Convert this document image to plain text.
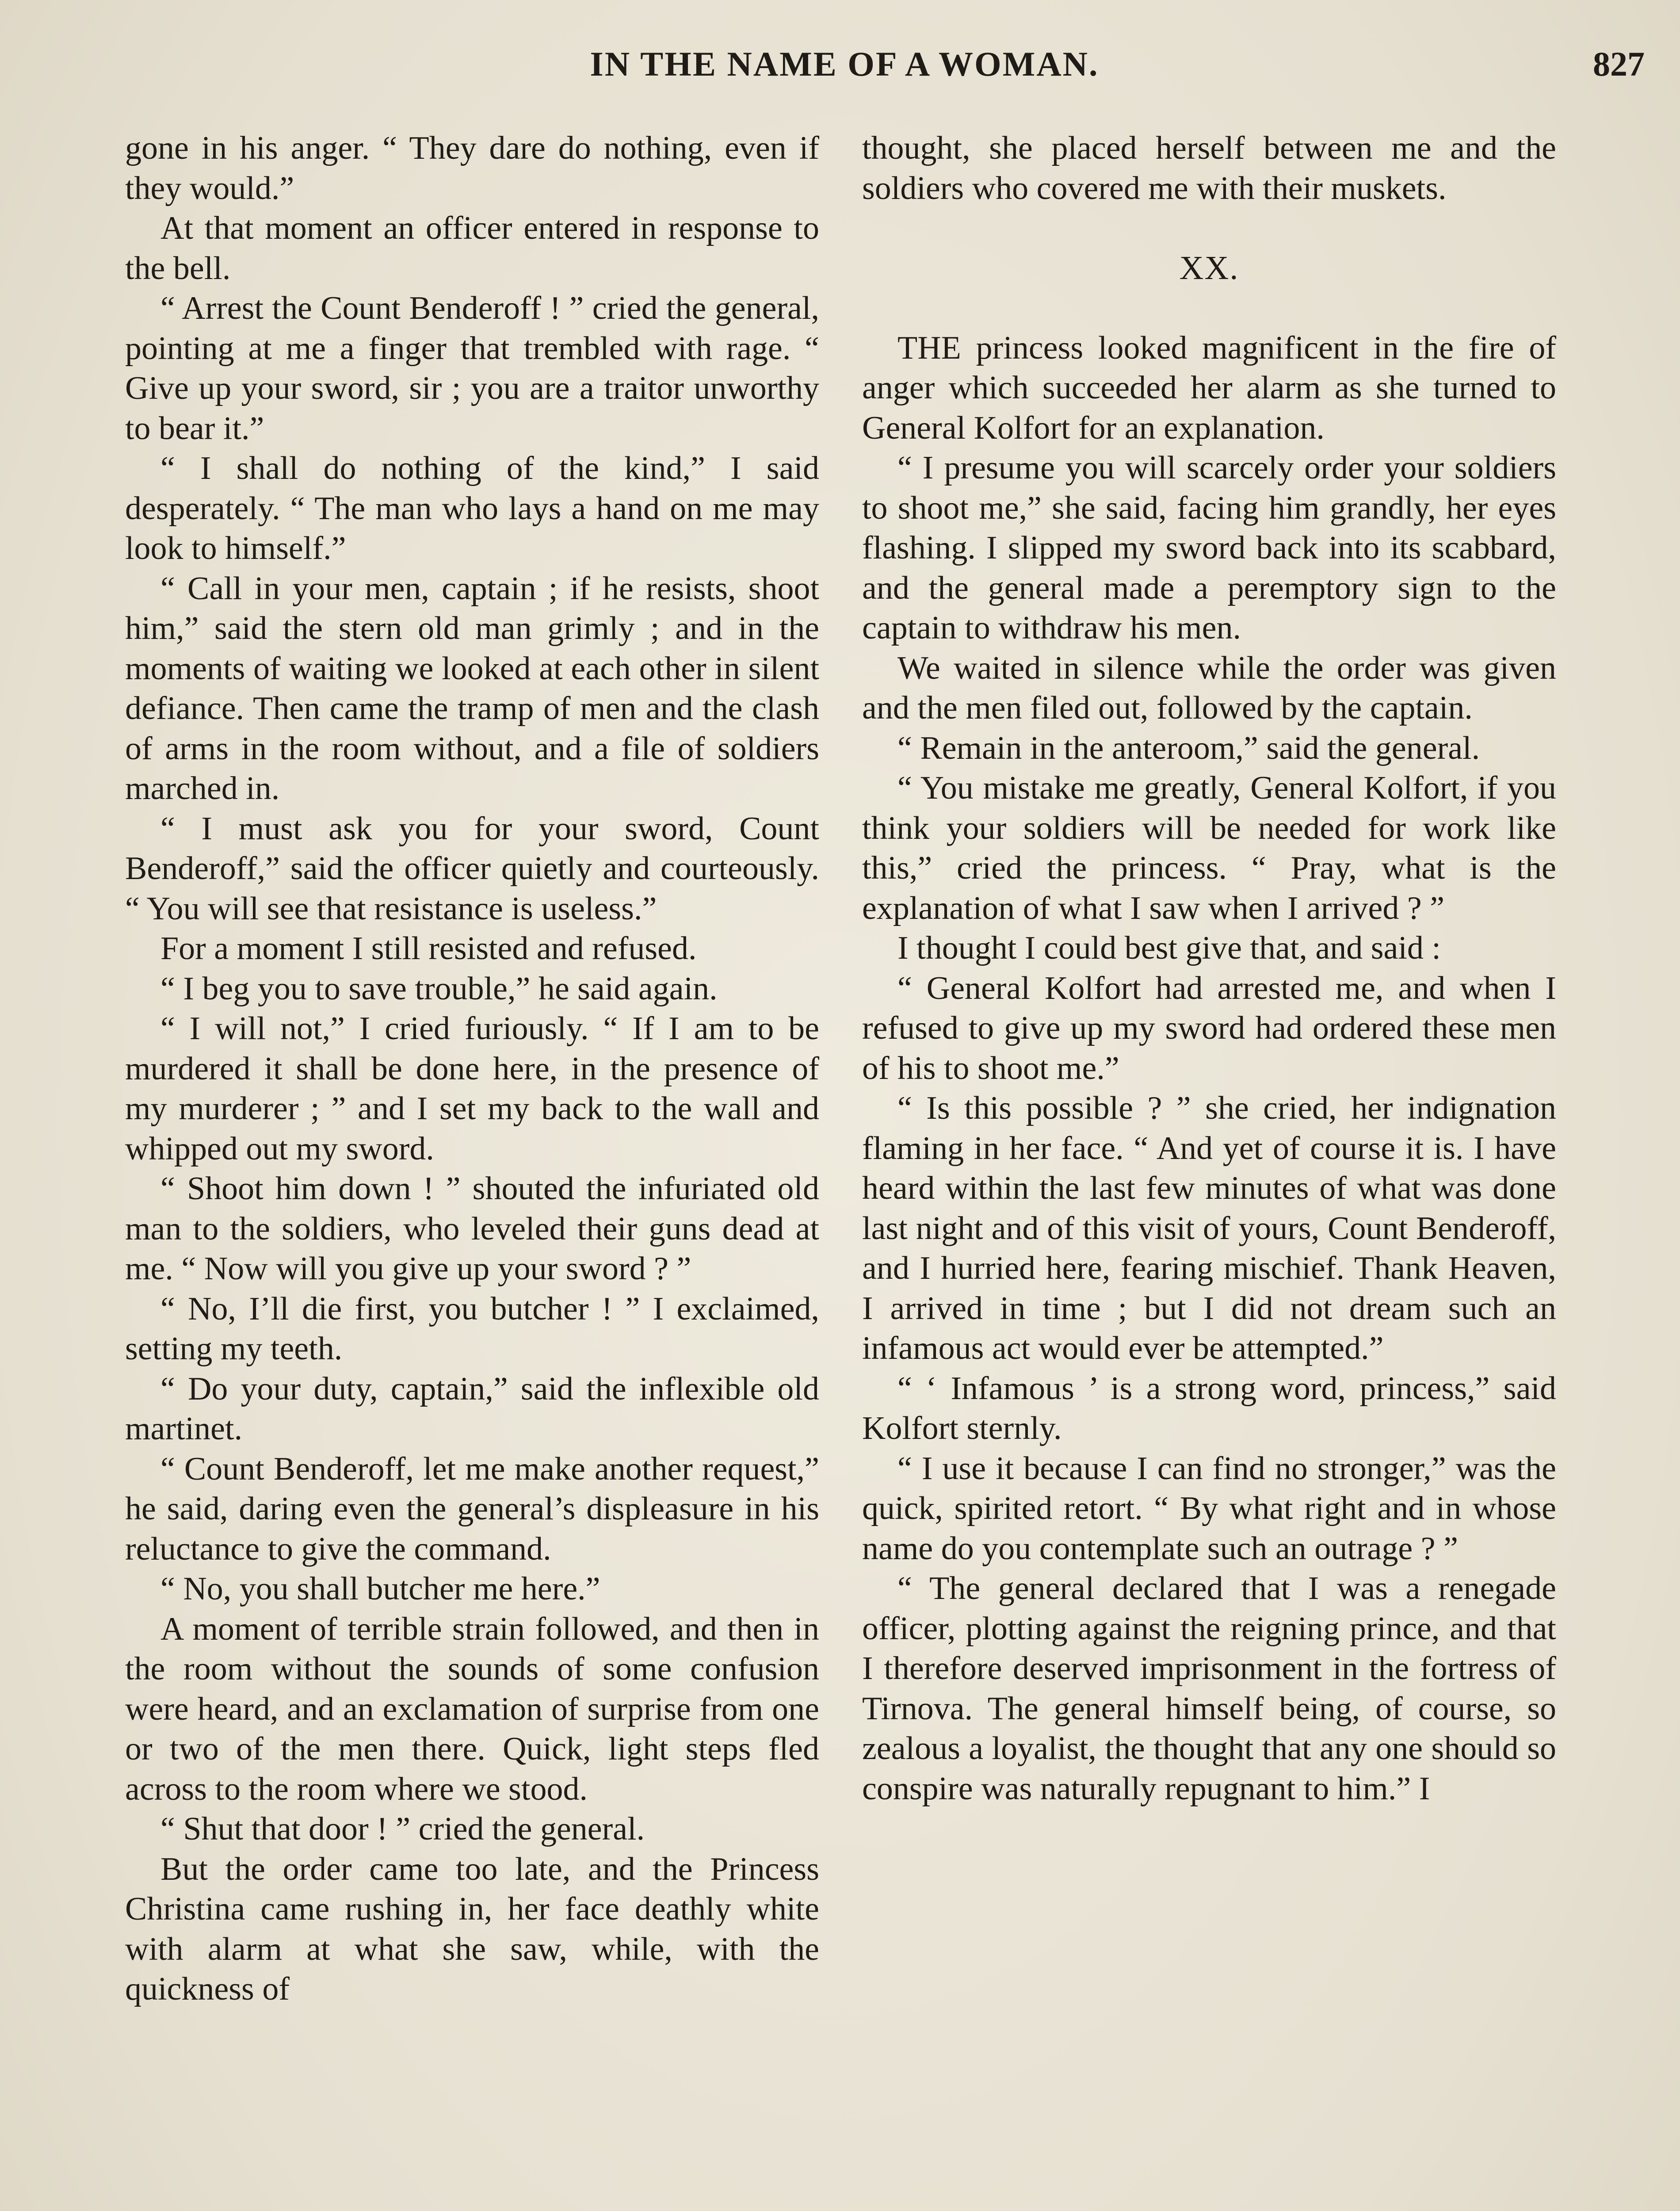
IN THE NAME OF A WOMAN.	827

gone in his anger. “ They dare do nothing, even if they would.”

At that moment an officer entered in response to the bell.

“ Arrest the Count Benderoff ! ” cried the general, pointing at me a finger that trembled with rage. “ Give up your sword, sir ; you are a traitor unworthy to bear it.”

“ I shall do nothing of the kind,” I said desperately. “ The man who lays a hand on me may look to himself.”

“ Call in your men, captain ; if he resists, shoot him,” said the stern old man grimly ; and in the moments of waiting we looked at each other in silent defiance. Then came the tramp of men and the clash of arms in the room without, and a file of soldiers marched in.

“ I must ask you for your sword, Count Benderoff,” said the officer quietly and courteously. “ You will see that resistance is useless.”

For a moment I still resisted and refused.

“ I beg you to save trouble,” he said again.

“ I will not,” I cried furiously. “ If I am to be murdered it shall be done here, in the presence of my murderer ; ” and I set my back to the wall and whipped out my sword.

“ Shoot him down ! ” shouted the infuriated old man to the soldiers, who leveled their guns dead at me. “ Now will you give up your sword ? ”

“ No, I’ll die first, you butcher ! ” I exclaimed, setting my teeth.

“ Do your duty, captain,” said the inflexible old martinet.

“ Count Benderoff, let me make another request,” he said, daring even the general’s displeasure in his reluctance to give the command.

“ No, you shall butcher me here.”

A moment of terrible strain followed, and then in the room without the sounds of some confusion were heard, and an exclamation of surprise from one or two of the men there. Quick, light steps fled across to the room where we stood.

“ Shut that door ! ” cried the general.

But the order came too late, and the Princess Christina came rushing in, her face deathly white with alarm at what she saw, while, with the quickness of

thought, she placed herself between me and the soldiers who covered me with their muskets.

XX.

THE princess looked magnificent in the fire of anger which succeeded her alarm as she turned to General Kolfort for an explanation.

“ I presume you will scarcely order your soldiers to shoot me,” she said, facing him grandly, her eyes flashing. I slipped my sword back into its scabbard, and the general made a peremptory sign to the captain to withdraw his men.

We waited in silence while the order was given and the men filed out, followed by the captain.

“ Remain in the anteroom,” said the general.

“ You mistake me greatly, General Kolfort, if you think your soldiers will be needed for work like this,” cried the princess. “ Pray, what is the explanation of what I saw when I arrived ? ”

I thought I could best give that, and said :

“ General Kolfort had arrested me, and when I refused to give up my sword had ordered these men of his to shoot me.”

“ Is this possible ? ” she cried, her indignation flaming in her face. “ And yet of course it is. I have heard within the last few minutes of what was done last night and of this visit of yours, Count Benderoff, and I hurried here, fearing mischief. Thank Heaven, I arrived in time ; but I did not dream such an infamous act would ever be attempted.”

“ ‘ Infamous ’ is a strong word, princess,” said Kolfort sternly.

“ I use it because I can find no stronger,” was the quick, spirited retort. “ By what right and in whose name do you contemplate such an outrage ? ”

“ The general declared that I was a renegade officer, plotting against the reigning prince, and that I therefore deserved imprisonment in the fortress of Tirnova. The general himself being, of course, so zealous a loyalist, the thought that any one should so conspire was naturally repugnant to him.” I
